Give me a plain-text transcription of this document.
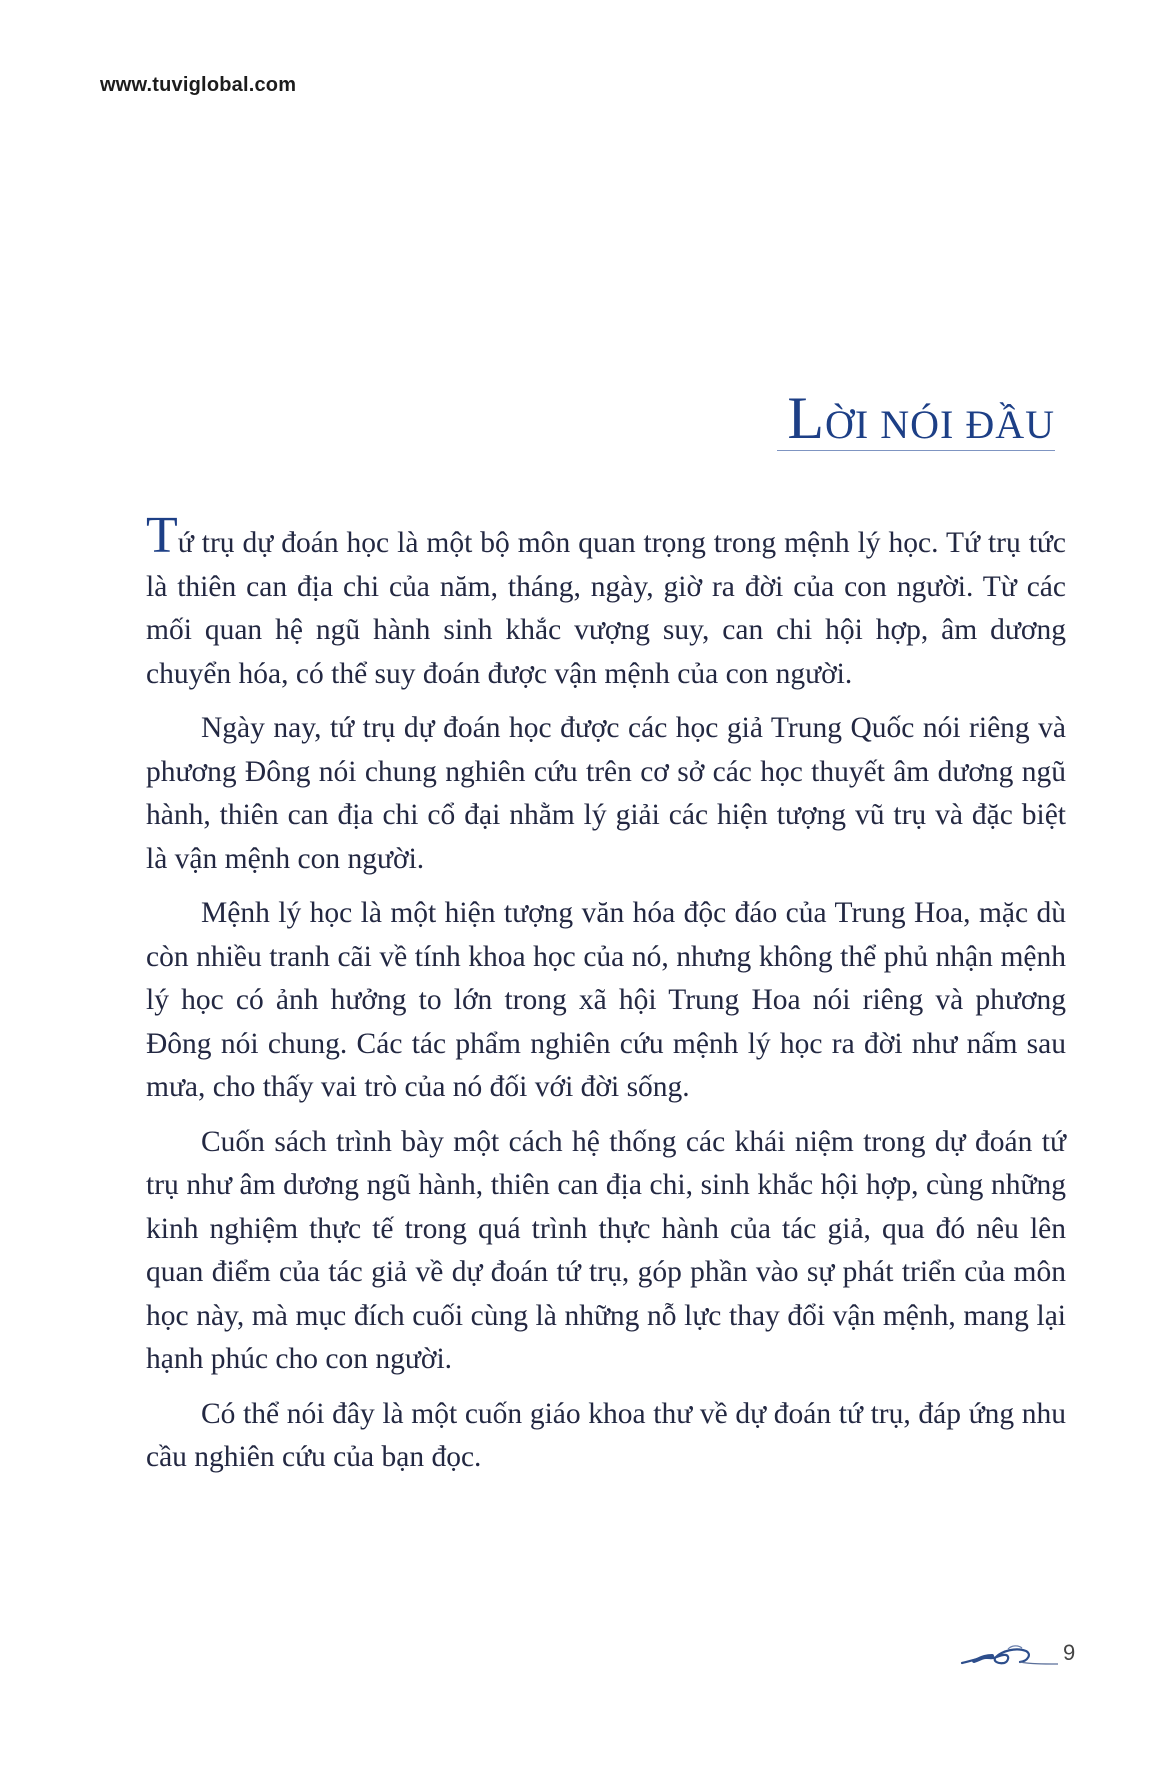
www.tuviglobal.com
LỜI NÓI ĐẦU

Tứ trụ dự đoán học là một bộ môn quan trọng trong mệnh lý học. Tứ trụ tức là thiên can địa chi của năm, tháng, ngày, giờ ra đời của con người. Từ các mối quan hệ ngũ hành sinh khắc vượng suy, can chi hội hợp, âm dương chuyển hóa, có thể suy đoán được vận mệnh của con người.

Ngày nay, tứ trụ dự đoán học được các học giả Trung Quốc nói riêng và phương Đông nói chung nghiên cứu trên cơ sở các học thuyết âm dương ngũ hành, thiên can địa chi cổ đại nhằm lý giải các hiện tượng vũ trụ và đặc biệt là vận mệnh con người.

Mệnh lý học là một hiện tượng văn hóa độc đáo của Trung Hoa, mặc dù còn nhiều tranh cãi về tính khoa học của nó, nhưng không thể phủ nhận mệnh lý học có ảnh hưởng to lớn trong xã hội Trung Hoa nói riêng và phương Đông nói chung. Các tác phẩm nghiên cứu mệnh lý học ra đời như nấm sau mưa, cho thấy vai trò của nó đối với đời sống.

Cuốn sách trình bày một cách hệ thống các khái niệm trong dự đoán tứ trụ như âm dương ngũ hành, thiên can địa chi, sinh khắc hội hợp, cùng những kinh nghiệm thực tế trong quá trình thực hành của tác giả, qua đó nêu lên quan điểm của tác giả về dự đoán tứ trụ, góp phần vào sự phát triển của môn học này, mà mục đích cuối cùng là những nỗ lực thay đổi vận mệnh, mang lại hạnh phúc cho con người.

Có thể nói đây là một cuốn giáo khoa thư về dự đoán tứ trụ, đáp ứng nhu cầu nghiên cứu của bạn đọc.

9
